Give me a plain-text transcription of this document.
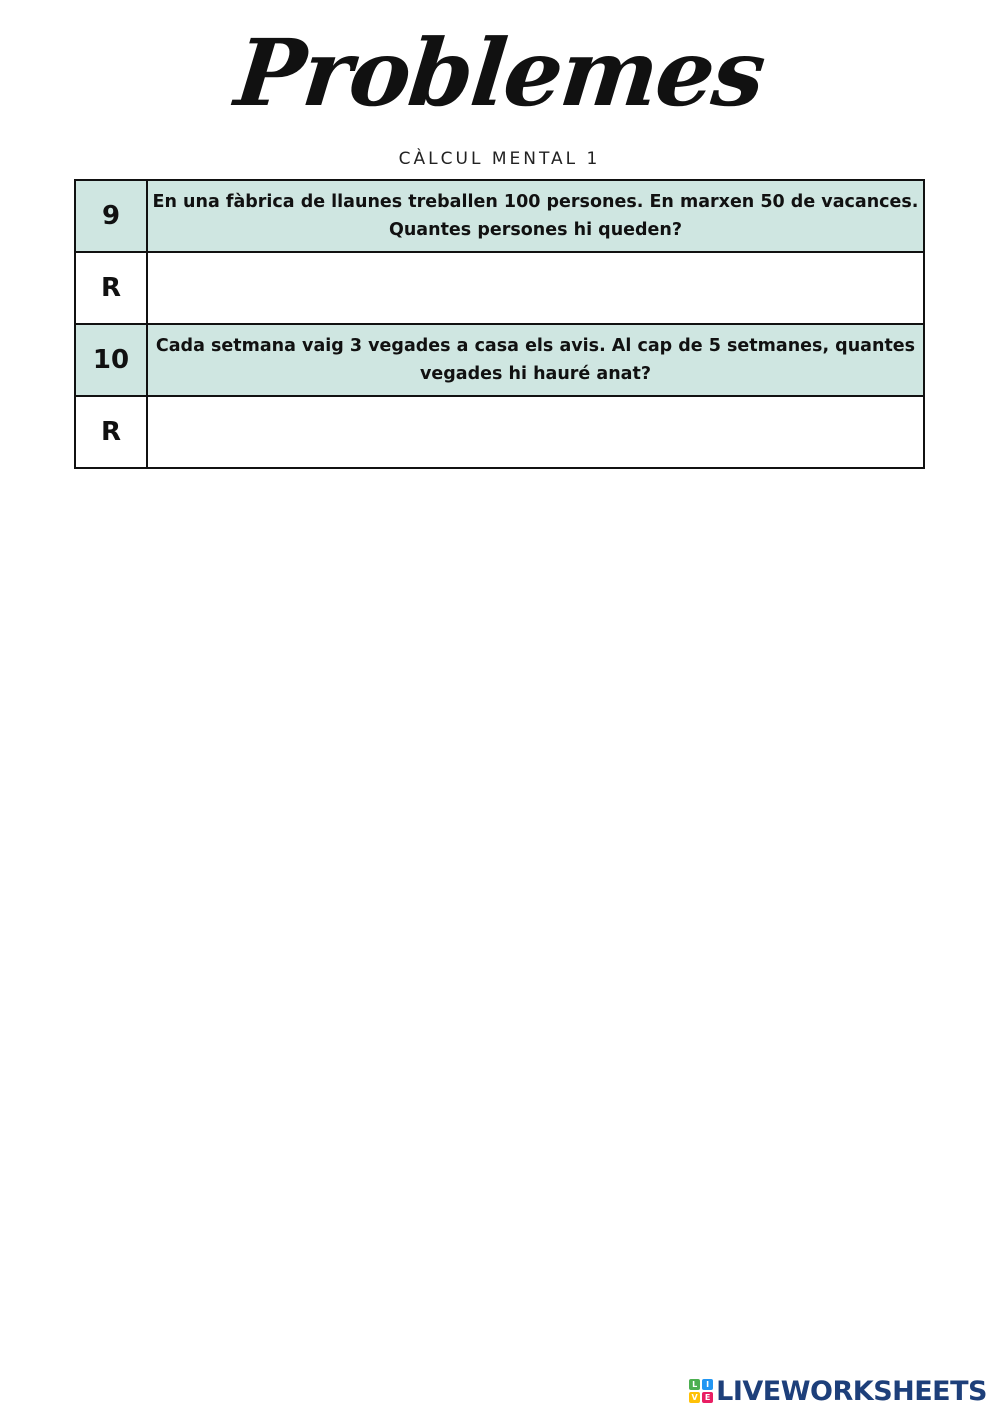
Problemes
CÀLCUL MENTAL 1
9	En una fàbrica de llaunes treballen 100 persones. En marxen 50 de vacances. Quantes persones hi queden?
R	
10	Cada setmana vaig 3 vegades a casa els avis. Al cap de 5 setmanes, quantes vegades hi hauré anat?
R	
L	I
V E LIVEWORKSHEETS
